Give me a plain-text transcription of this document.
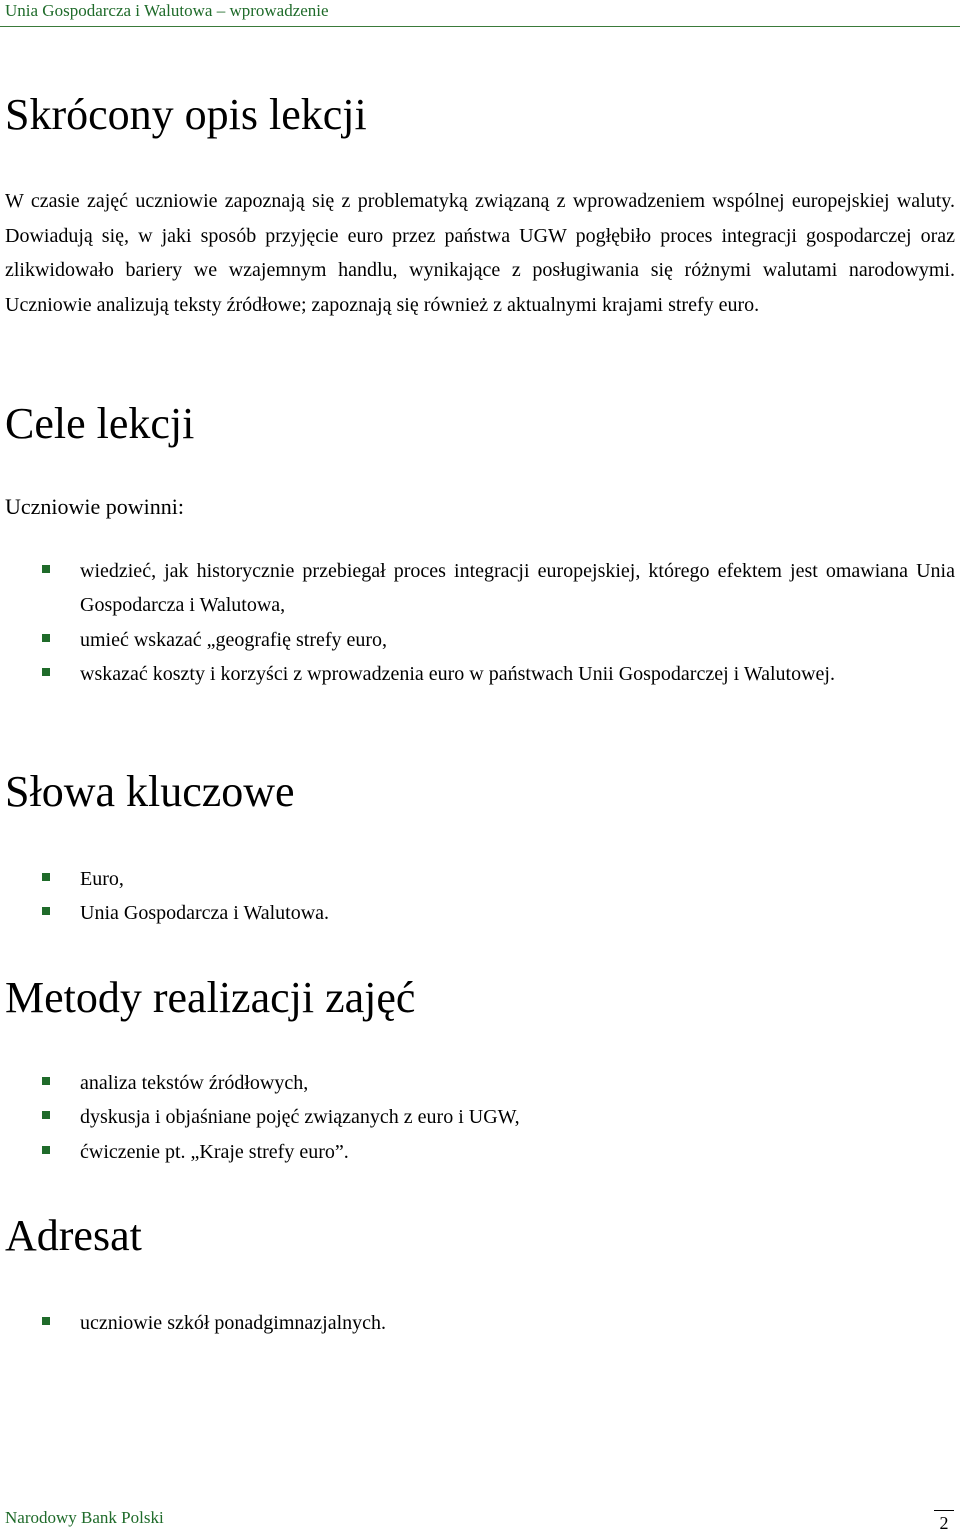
Unia Gospodarcza i Walutowa – wprowadzenie
Skrócony opis lekcji

W czasie zajęć uczniowie zapoznają się z problematyką związaną z wprowadzeniem wspólnej europejskiej waluty. Dowiadują się, w jaki sposób przyjęcie euro przez państwa UGW pogłębiło proces integracji gospodarczej oraz zlikwidowało bariery we wzajemnym handlu, wynikające z posługiwania się różnymi walutami narodowymi. Uczniowie analizują teksty źródłowe; zapoznają się również z aktualnymi krajami strefy euro.

Cele lekcji

Uczniowie powinni:

wiedzieć, jak historycznie przebiegał proces integracji europejskiej, którego efektem jest omawiana Unia Gospodarcza i Walutowa,
umieć wskazać „geografię strefy euro,
wskazać koszty i korzyści z wprowadzenia euro w państwach Unii Gospodarczej i Walutowej.
Słowa kluczowe
Euro,
Unia Gospodarcza i Walutowa.
Metody realizacji zajęć
analiza tekstów źródłowych,
dyskusja i objaśniane pojęć związanych z euro i UGW,
ćwiczenie pt. „Kraje strefy euro”.
Adresat
uczniowie szkół ponadgimnazjalnych.
Narodowy Bank Polski	2
